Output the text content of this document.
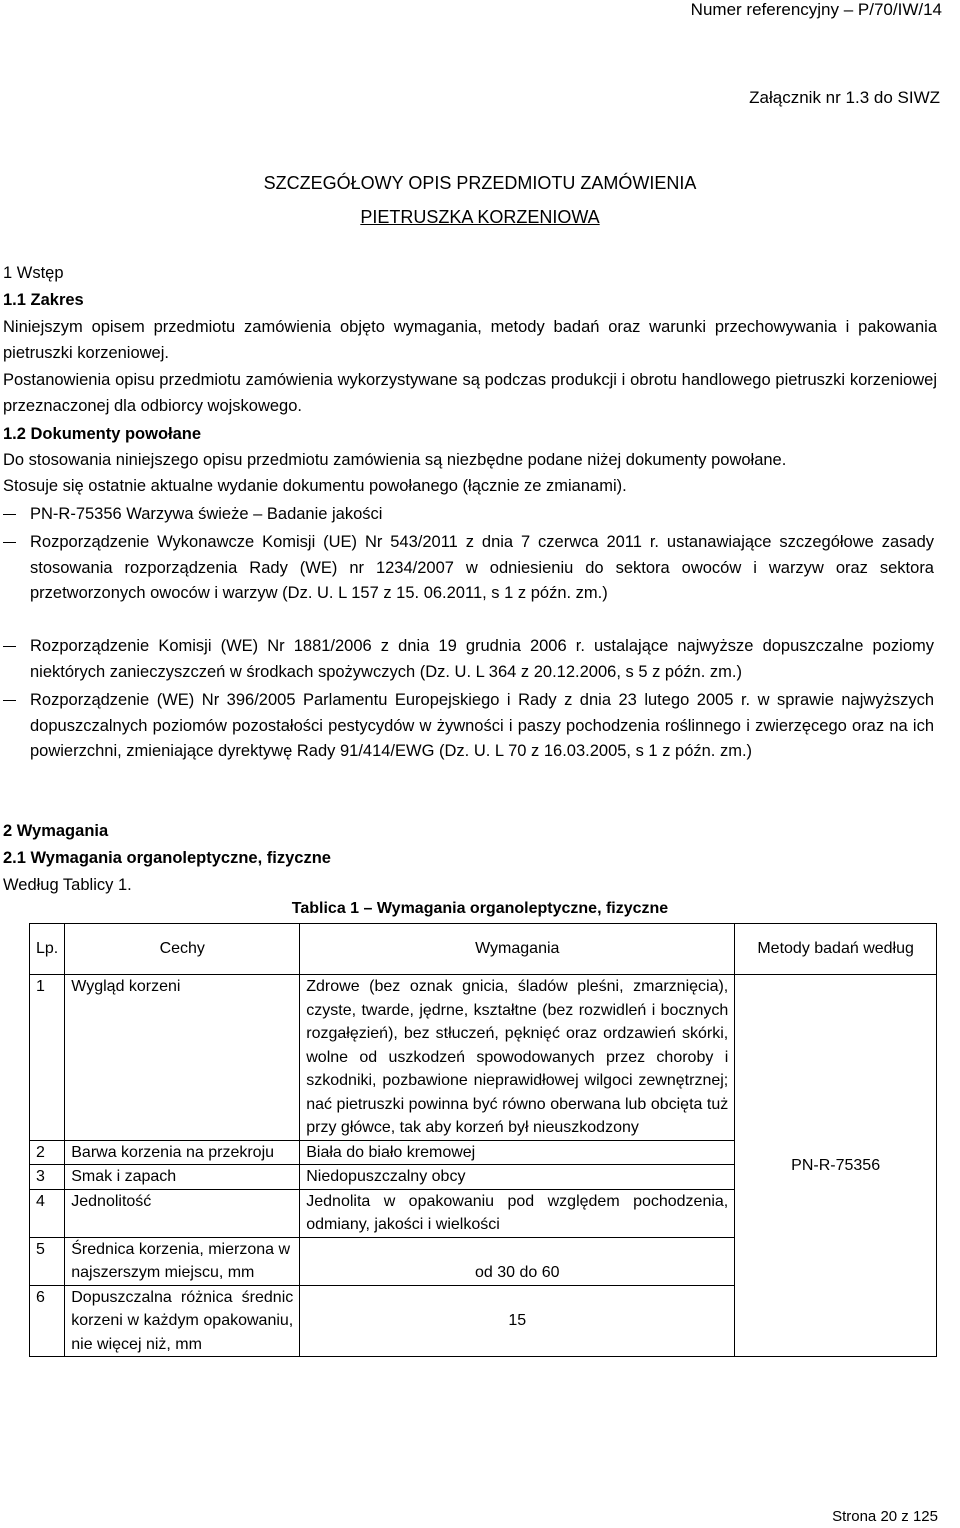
Numer referencyjny – P/70/IW/14
Załącznik nr 1.3 do SIWZ
SZCZEGÓŁOWY OPIS PRZEDMIOTU ZAMÓWIENIA
PIETRUSZKA KORZENIOWA
1 Wstęp
1.1 Zakres
Niniejszym opisem przedmiotu zamówienia objęto wymagania, metody badań oraz warunki przechowywania i pakowania pietruszki korzeniowej.
Postanowienia opisu przedmiotu zamówienia wykorzystywane są podczas produkcji i obrotu handlowego pietruszki korzeniowej przeznaczonej dla odbiorcy wojskowego.
1.2 Dokumenty powołane
Do stosowania niniejszego opisu przedmiotu zamówienia są niezbędne podane niżej dokumenty powołane.
Stosuje się ostatnie aktualne wydanie dokumentu powołanego (łącznie ze zmianami).
PN-R-75356 Warzywa świeże – Badanie jakości
Rozporządzenie Wykonawcze Komisji (UE) Nr 543/2011 z dnia 7 czerwca 2011 r. ustanawiające szczegółowe zasady stosowania rozporządzenia Rady (WE) nr 1234/2007 w odniesieniu do sektora owoców i warzyw oraz sektora przetworzonych owoców i warzyw (Dz. U. L 157 z 15. 06.2011, s 1 z późn. zm.)
Rozporządzenie Komisji (WE) Nr 1881/2006 z dnia 19 grudnia 2006 r. ustalające najwyższe dopuszczalne poziomy niektórych zanieczyszczeń w środkach spożywczych (Dz. U. L 364 z 20.12.2006, s 5 z późn. zm.)
Rozporządzenie (WE) Nr 396/2005 Parlamentu Europejskiego i Rady z dnia 23 lutego 2005 r. w sprawie najwyższych dopuszczalnych poziomów pozostałości pestycydów w żywności i paszy pochodzenia roślinnego i zwierzęcego oraz na ich powierzchni, zmieniające dyrektywę Rady 91/414/EWG (Dz. U. L 70 z 16.03.2005, s 1 z późn. zm.)
2 Wymagania
2.1 Wymagania organoleptyczne, fizyczne
Według Tablicy 1.
Tablica 1 – Wymagania organoleptyczne, fizyczne
Lp.	Cechy	Wymagania	Metody badań według
1	Wygląd korzeni	Zdrowe (bez oznak gnicia, śladów pleśni, zmarznięcia), czyste, twarde, jędrne, kształtne (bez rozwidleń i bocznych rozgałęzień), bez stłuczeń, pęknięć oraz ordzawień skórki, wolne od uszkodzeń spowodowanych przez choroby i szkodniki, pozbawione nieprawidłowej wilgoci zewnętrznej; nać pietruszki powinna być równo oberwana lub obcięta tuż przy główce, tak aby korzeń był nieuszkodzony	PN-R-75356
2	Barwa korzenia na przekroju	Biała do biało kremowej	
3	Smak i zapach	Niedopuszczalny obcy	
4	Jednolitość	Jednolita w opakowaniu pod względem pochodzenia, odmiany, jakości i wielkości	
5	Średnica korzenia, mierzona w najszerszym miejscu, mm	od 30 do 60	
6	Dopuszczalna różnica średnic korzeni w każdym opakowaniu, nie więcej niż, mm	15	
Strona 20 z 125
